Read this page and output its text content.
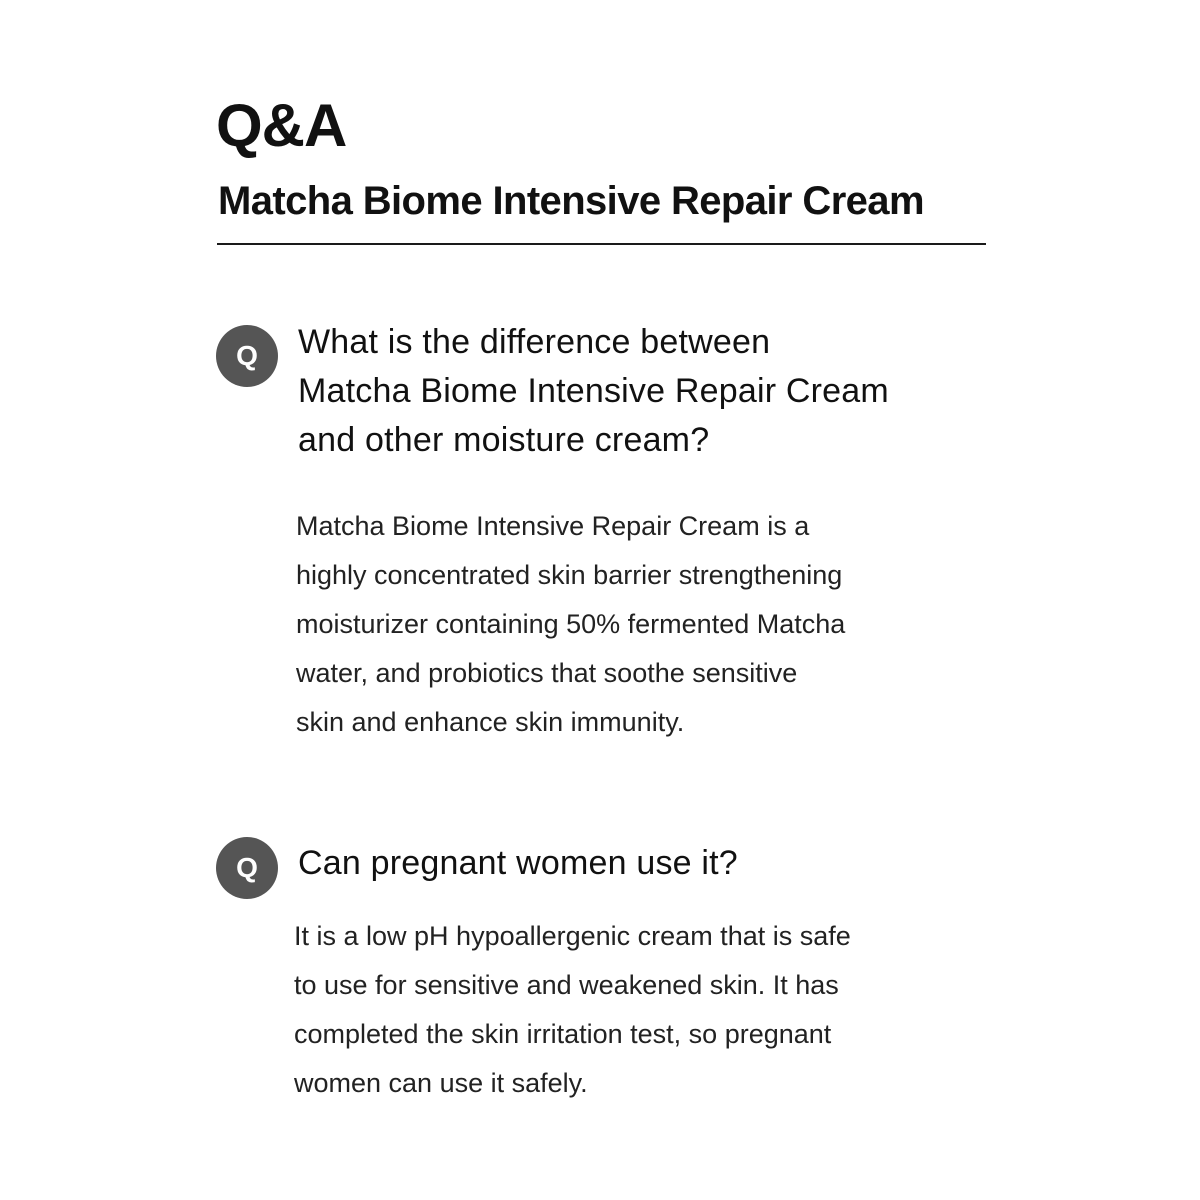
Q&A
Matcha Biome Intensive Repair Cream
Q	What is the difference between
Matcha Biome Intensive Repair Cream
and other moisture cream?

Matcha Biome Intensive Repair Cream is a
highly concentrated skin barrier strengthening
moisturizer containing 50% fermented Matcha
water, and probiotics that soothe sensitive
skin and enhance skin immunity.

Q	Can pregnant women use it?

It is a low pH hypoallergenic cream that is safe
to use for sensitive and weakened skin. It has
completed the skin irritation test, so pregnant
women can use it safely.
